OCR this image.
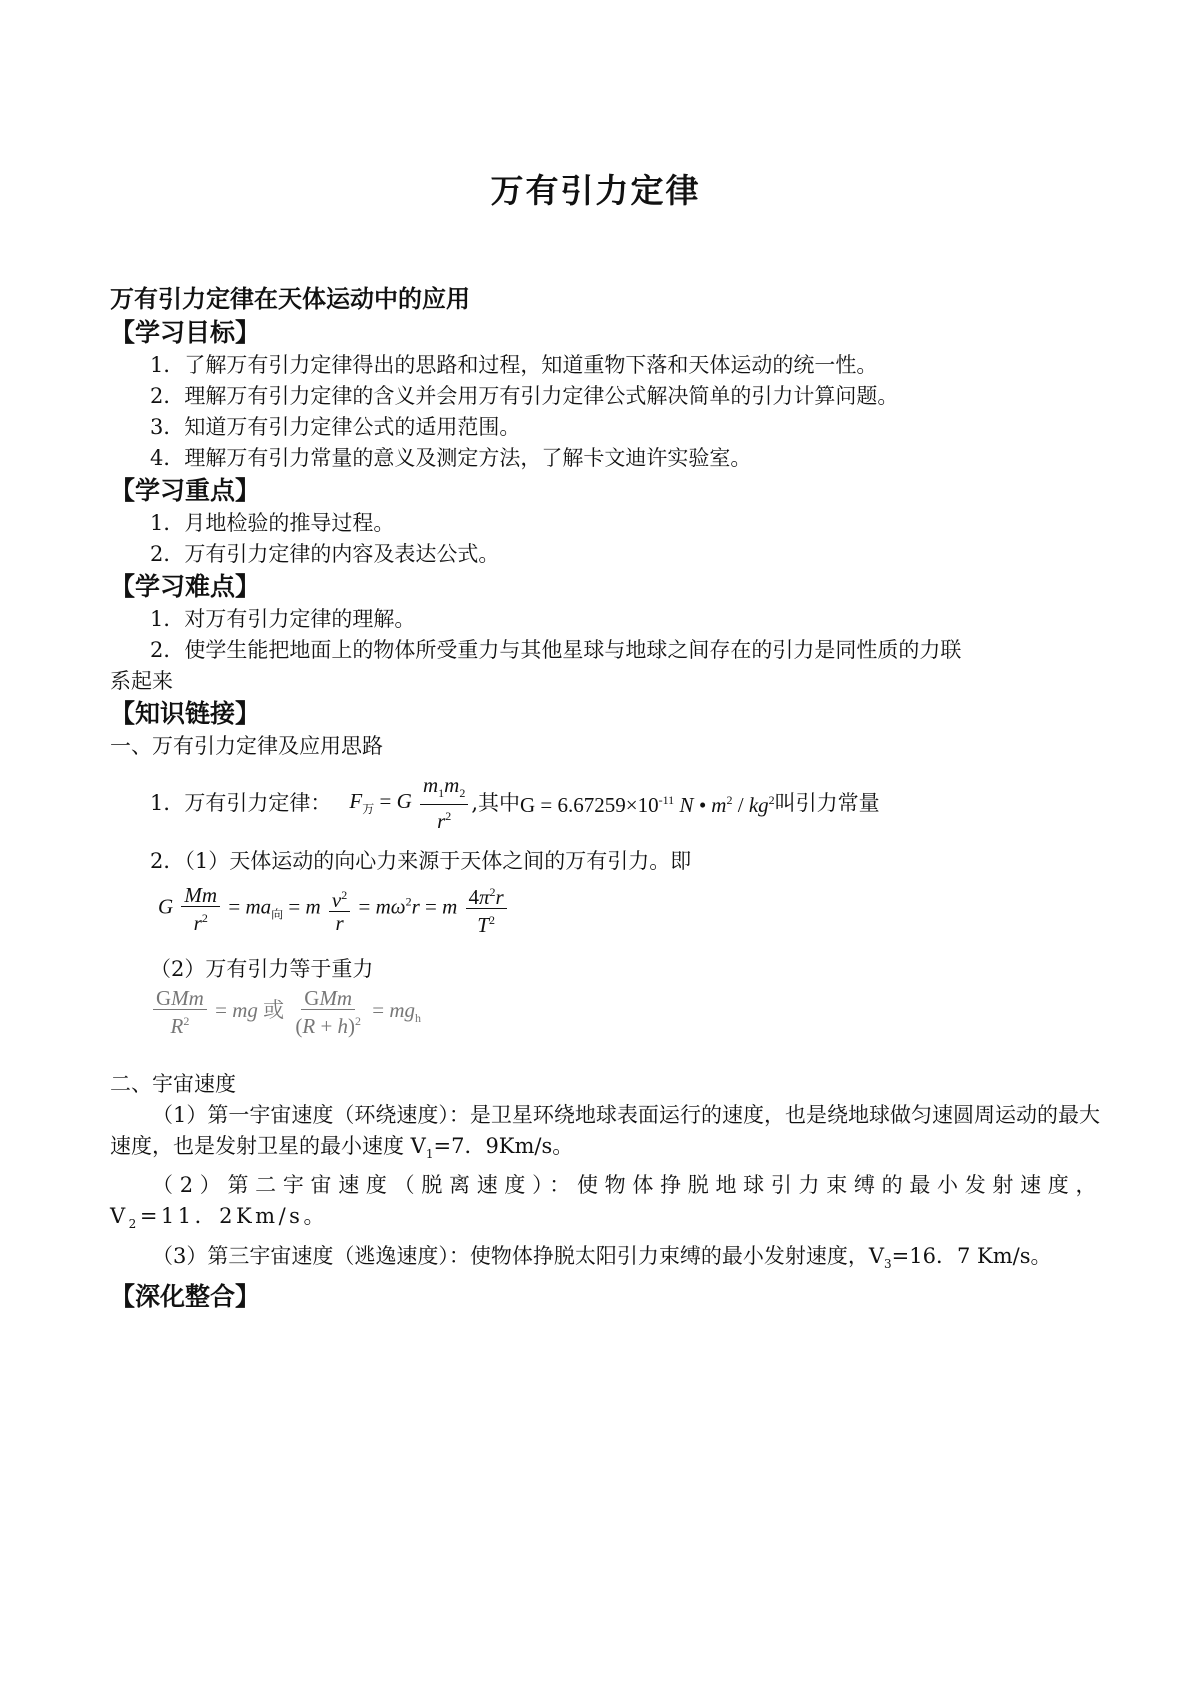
万有引力定律
万有引力定律在天体运动中的应用
【学习目标】
1．了解万有引力定律得出的思路和过程，知道重物下落和天体运动的统一性。
2．理解万有引力定律的含义并会用万有引力定律公式解决简单的引力计算问题。
3．知道万有引力定律公式的适用范围。
4．理解万有引力常量的意义及测定方法，了解卡文迪许实验室。
【学习重点】
1．月地检验的推导过程。
2．万有引力定律的内容及表达公式。
【学习难点】
1．对万有引力定律的理解。
2．使学生能把地面上的物体所受重力与其他星球与地球之间存在的引力是同性质的力联
系起来
【知识链接】
一、万有引力定律及应用思路
1．万有引力定律： $F_万 = G \frac{m_1m_2}{r^2}$ ,其中 $G = 6.67259\times 10^{-11}$ N • $m^2 / kg^2$ 叫引力常量
2．（1）天体运动的向心力来源于天体之间的万有引力。即
G $\frac{Mm}{r^2} = ma_向 = m \frac{v^2}{r} = m\omega^2r = m \frac{4\pi^2r}{T^2}$
（2）万有引力等于重力
$\frac{\text{GMm}}{R^2}$ = mg 或 $\frac{\text{GMm}}{(R + h)^2} = mg_h$
二、宇宙速度
（1）第一宇宙速度（环绕速度）：是卫星环绕地球表面运行的速度，也是绕地球做匀速圆周运动的最大速度，也是发射卫星的最小速度 $V_1=7$．9Km/s。
（2）第二宇宙速度（脱离速度）：使物体挣脱地球引力束缚的最小发射速度，$V_2=11$．2Km/s。
（3）第三宇宙速度（逃逸速度）：使物体挣脱太阳引力束缚的最小发射速度，$V_3=16$．7 Km/s。
【深化整合】
